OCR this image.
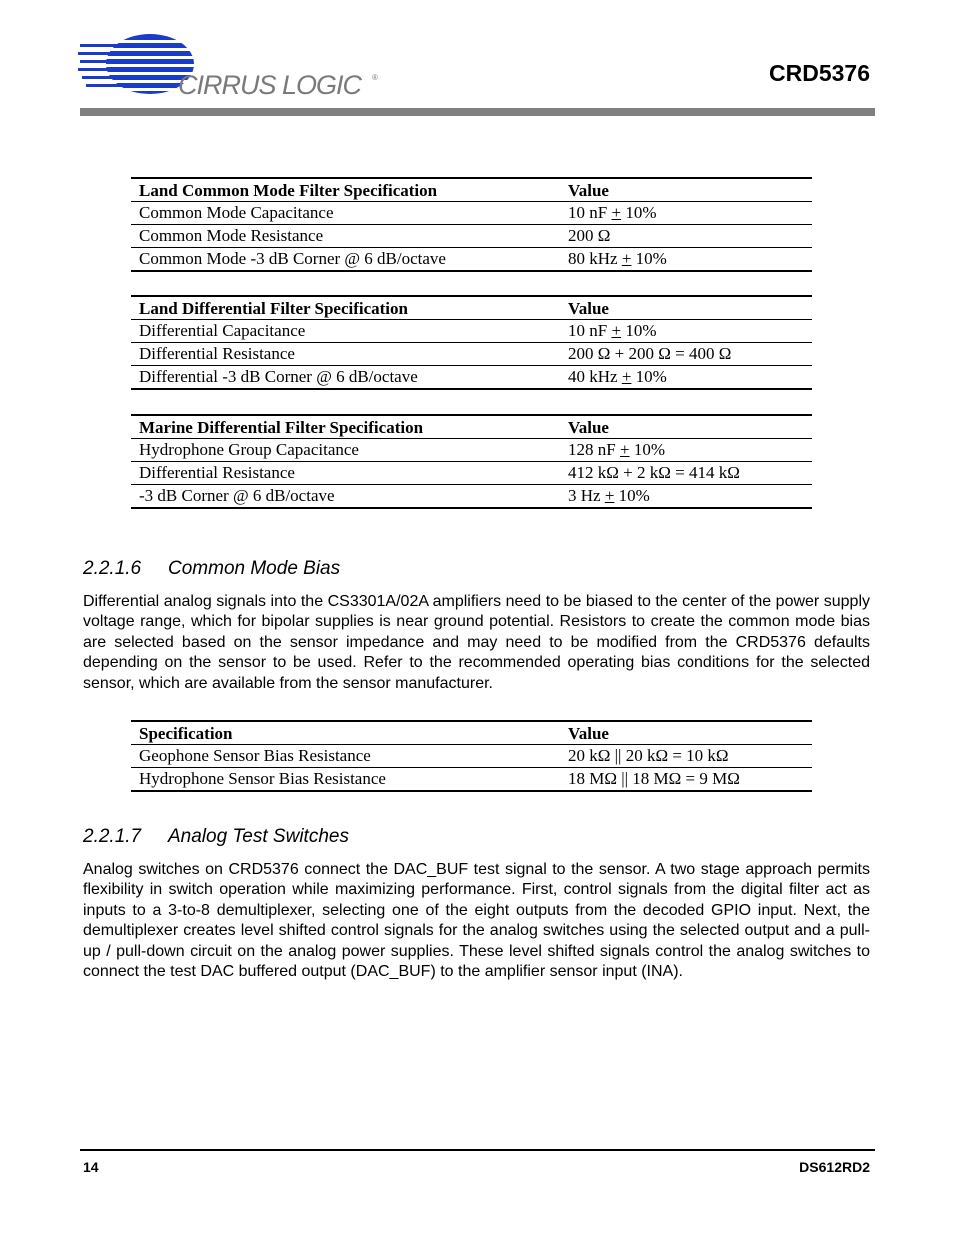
CIRRUS LOGIC ®	CRD5376
Land Common Mode Filter Specification	Value
Common Mode Capacitance	10 nF + 10%
Common Mode Resistance	200 Ω
Common Mode -3 dB Corner @ 6 dB/octave	80 kHz + 10%
Land Differential Filter Specification	Value
Differential Capacitance	10 nF + 10%
Differential Resistance	200 Ω + 200 Ω = 400 Ω
Differential -3 dB Corner @ 6 dB/octave	40 kHz + 10%
Marine Differential Filter Specification	Value
Hydrophone Group Capacitance	128 nF + 10%
Differential Resistance	412 kΩ + 2 kΩ = 414 kΩ
-3 dB Corner @ 6 dB/octave	3 Hz + 10%
2.2.1.6 Common Mode Bias
Differential analog signals into the CS3301A/02A amplifiers need to be biased to the center of the power supply voltage range, which for bipolar supplies is near ground potential. Resistors to create the common mode bias are selected based on the sensor impedance and may need to be modified from the CRD5376 defaults depending on the sensor to be used. Refer to the recommended operating bias conditions for the selected sensor, which are available from the sensor manufacturer.
Specification	Value
Geophone Sensor Bias Resistance	20 kΩ || 20 kΩ = 10 kΩ
Hydrophone Sensor Bias Resistance	18 MΩ || 18 MΩ = 9 MΩ
2.2.1.7 Analog Test Switches
Analog switches on CRD5376 connect the DAC_BUF test signal to the sensor. A two stage approach permits flexibility in switch operation while maximizing performance. First, control signals from the digital filter act as inputs to a 3-to-8 demultiplexer, selecting one of the eight outputs from the decoded GPIO input. Next, the demultiplexer creates level shifted control signals for the analog switches using the selected output and a pull-up / pull-down circuit on the analog power supplies. These level shifted signals control the analog switches to connect the test DAC buffered output (DAC_BUF) to the amplifier sensor input (INA).
14	DS612RD2
